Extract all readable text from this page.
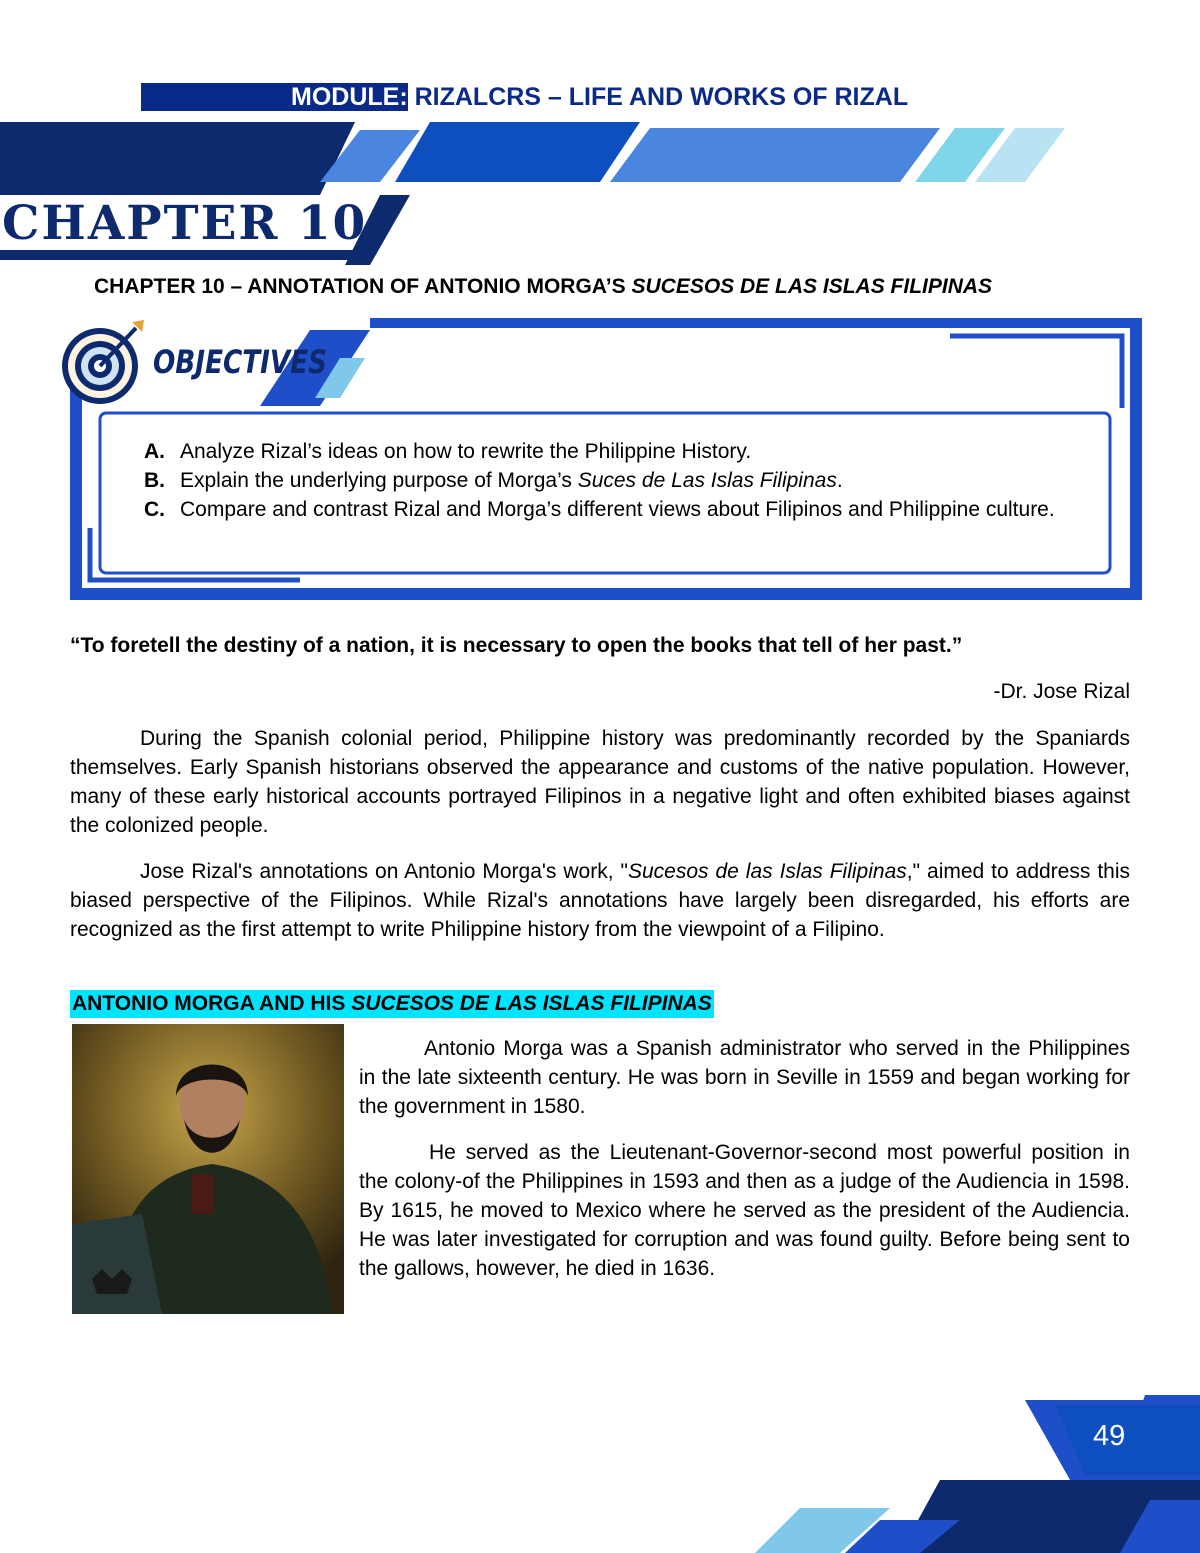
MODULE: RIZALCRS – LIFE AND WORKS OF RIZAL
CHAPTER 10
CHAPTER 10 – ANNOTATION OF ANTONIO MORGA’S SUCESOS DE LAS ISLAS FILIPINAS
OBJECTIVES
A. Analyze Rizal’s ideas on how to rewrite the Philippine History.
B. Explain the underlying purpose of Morga’s Suces de Las Islas Filipinas.
C. Compare and contrast Rizal and Morga’s different views about Filipinos and Philippine culture.
“To foretell the destiny of a nation, it is necessary to open the books that tell of her past.”
-Dr. Jose Rizal
During the Spanish colonial period, Philippine history was predominantly recorded by the Spaniards themselves. Early Spanish historians observed the appearance and customs of the native population. However, many of these early historical accounts portrayed Filipinos in a negative light and often exhibited biases against the colonized people.
Jose Rizal's annotations on Antonio Morga's work, "Sucesos de las Islas Filipinas," aimed to address this biased perspective of the Filipinos. While Rizal's annotations have largely been disregarded, his efforts are recognized as the first attempt to write Philippine history from the viewpoint of a Filipino.
ANTONIO MORGA AND HIS SUCESOS DE LAS ISLAS FILIPINAS
Antonio Morga was a Spanish administrator who served in the Philippines in the late sixteenth century. He was born in Seville in 1559 and began working for the government in 1580.
He served as the Lieutenant-Governor-second most powerful position in the colony-of the Philippines in 1593 and then as a judge of the Audiencia in 1598. By 1615, he moved to Mexico where he served as the president of the Audiencia. He was later investigated for corruption and was found guilty. Before being sent to the gallows, however, he died in 1636.
49
